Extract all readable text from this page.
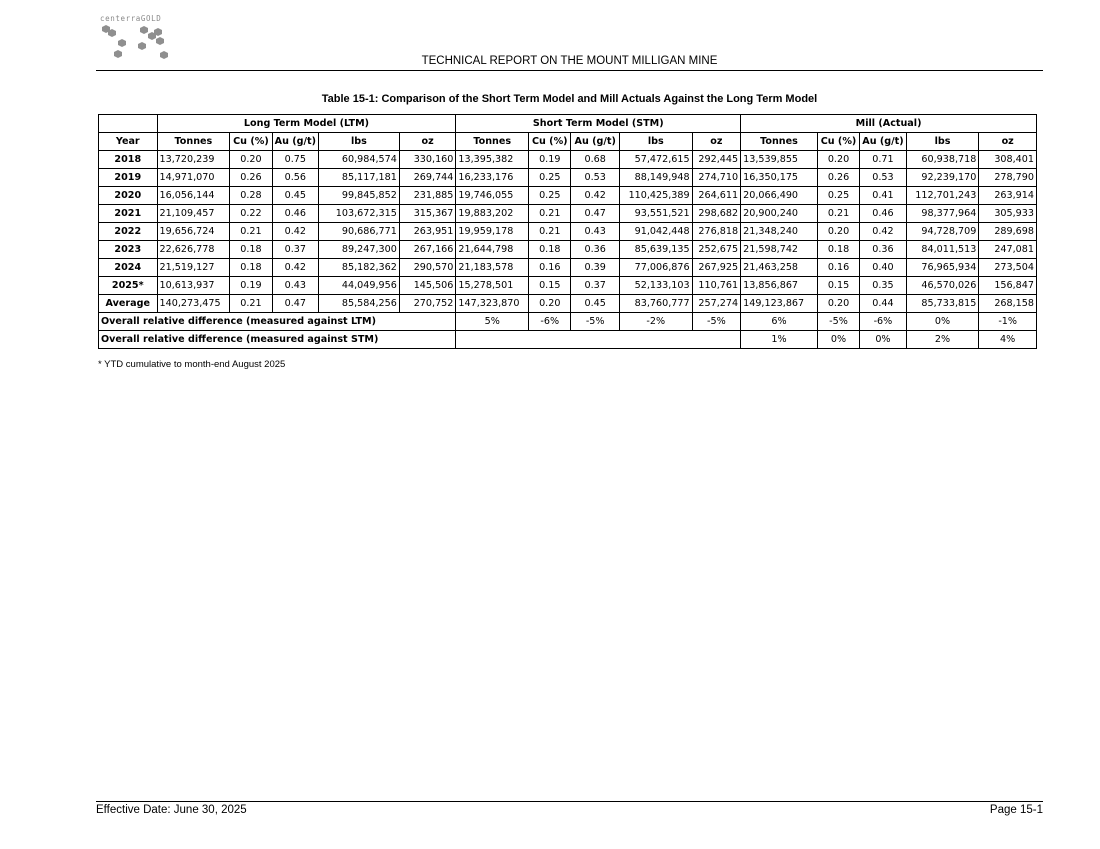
centerraGOLD
TECHNICAL REPORT ON THE MOUNT MILLIGAN MINE
Table 15-1: Comparison of the Short Term Model and Mill Actuals Against the Long Term Model
	Long Term Model (LTM)					Short Term Model (STM)					Mill (Actual)				
Year	Tonnes	Cu (%)	Au (g/t)	lbs	oz	Tonnes	Cu (%)	Au (g/t)	lbs	oz	Tonnes	Cu (%)	Au (g/t)	lbs	oz
2018	13,720,239	0.20	0.75	60,984,574	330,160	13,395,382	0.19	0.68	57,472,615	292,445	13,539,855	0.20	0.71	60,938,718	308,401
2019	14,971,070	0.26	0.56	85,117,181	269,744	16,233,176	0.25	0.53	88,149,948	274,710	16,350,175	0.26	0.53	92,239,170	278,790
2020	16,056,144	0.28	0.45	99,845,852	231,885	19,746,055	0.25	0.42	110,425,389	264,611	20,066,490	0.25	0.41	112,701,243	263,914
2021	21,109,457	0.22	0.46	103,672,315	315,367	19,883,202	0.21	0.47	93,551,521	298,682	20,900,240	0.21	0.46	98,377,964	305,933
2022	19,656,724	0.21	0.42	90,686,771	263,951	19,959,178	0.21	0.43	91,042,448	276,818	21,348,240	0.20	0.42	94,728,709	289,698
2023	22,626,778	0.18	0.37	89,247,300	267,166	21,644,798	0.18	0.36	85,639,135	252,675	21,598,742	0.18	0.36	84,011,513	247,081
2024	21,519,127	0.18	0.42	85,182,362	290,570	21,183,578	0.16	0.39	77,006,876	267,925	21,463,258	0.16	0.40	76,965,934	273,504
2025*	10,613,937	0.19	0.43	44,049,956	145,506	15,278,501	0.15	0.37	52,133,103	110,761	13,856,867	0.15	0.35	46,570,026	156,847
Average	140,273,475	0.21	0.47	85,584,256	270,752	147,323,870	0.20	0.45	83,760,777	257,274	149,123,867	0.20	0.44	85,733,815	268,158
Overall relative difference (measured against LTM)						5%	-6%	-5%	-2%	-5%	6%	-5%	-6%	0%	-1%
Overall relative difference (measured against STM)											1%	0%	0%	2%	4%
* YTD cumulative to month-end August 2025
Effective Date: June 30, 2025	Page 15-1
